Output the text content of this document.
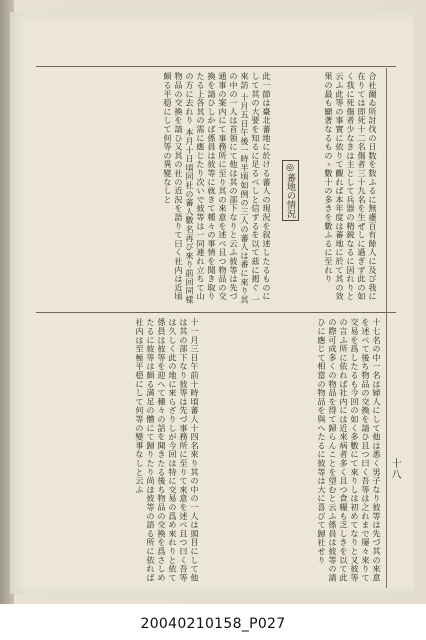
合社爾ゐ所討伐の日数を数ふるに無慮百有餘人に及び我に在りては即死十二名傷者三十九名を生ぜしに過ぎず此の如く我に死傷者少なきは主として兵器の精鋭なるに因れりと云ふ此等の事實に依りて觀れば本年度は蕃地に於て其の效果の最も顯著なるものゝ數十の多きを數ふるに至れり
◎蕃地の情況
此一節は臺北蕃地に於ける蕃人の現況を叙述したるものにして其の大要を知るに足るべしと信ずるを以て茲に掲ぐ 一來訪 十月五日午後一時半頃如例の三人の蕃人は番に來り其の中の一人は首領にて他は其の部下なりと云ふ彼等は先づ通事の案内にて事務所に至り其の來意を述べ且つ物品の交換を請ひしかば係員は彼等に就きて種々の事情を聞き取りたる上各其の需に應じたり次いで彼等は一同連れ立ちて山の方に去れり 本月十日頃同社の蕃人數名再び來り前回同樣物品の交換を請ひ又其の社の近況を語りて曰く社内は近頃頗る平穏にして何等の異變なしと
十七名の中一名は婦人にして他は悉く男子なり彼等は先づ其の來意を述べて後ち物品の交換を請ひ且つ曰く吾等は之れまで屡々來りて交易を爲したるも今回の如く多數にて來りしは初めてなりと又彼等の言ふ所に依れば社内には近來病者多く且つ食糧も乏しきを以て此の際可成多くの物品を得て歸らんことを望むと云ふ係員は彼等の請ひに應じて相當の物品を與へたるに彼等は大に喜びて歸社せり
十一月三日午前十時頃蕃人十四名來り其の中の一人は頭目にして他は其の部下なり彼等は先づ事務所に至りて來意を述べ且つ曰く吾等は久しく此の地に來らざりしが今回は特に交易の爲め來れりと依て係員は彼等を迎へて種々の話を聞きたる後ち物品の交換を爲さしめたるに彼等は頗る満足の體にて歸りたり尚ほ彼等の語る所に依れば社内は至極平穏にして何等の變事なしと云ふ	十八
20040210158_P027
